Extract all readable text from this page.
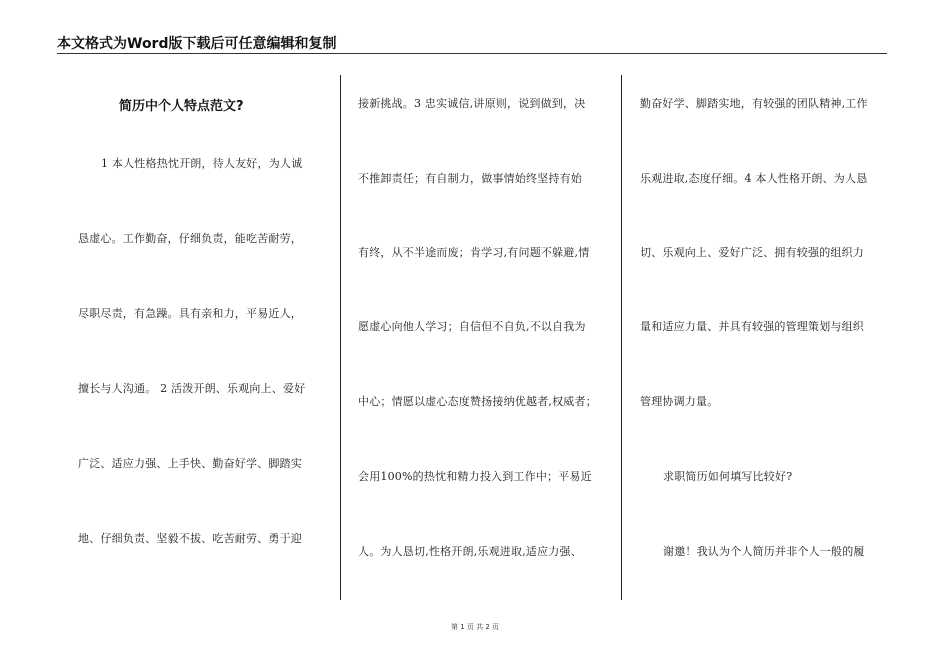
本文格式为Word版下载后可任意编辑和复制
简历中个人特点范文?
1 本人性格热忱开朗，待人友好，为人诚
恳虚心。工作勤奋，仔细负责，能吃苦耐劳，
尽职尽责，有急躁。具有亲和力，平易近人，
擅长与人沟通。 2 活泼开朗、乐观向上、爱好
广泛、适应力强、上手快、勤奋好学、脚踏实
地、仔细负责、坚毅不拔、吃苦耐劳、勇于迎
接新挑战。3 忠实诚信,讲原则，说到做到，决
不推卸责任；有自制力，做事情始终坚持有始
有终，从不半途而废；肯学习,有问题不躲避,情
愿虚心向他人学习；自信但不自负,不以自我为
中心；情愿以虚心态度赞扬接纳优越者,权威者；
会用100%的热忱和精力投入到工作中；平易近
人。为人恳切,性格开朗,乐观进取,适应力强、
勤奋好学、脚踏实地，有较强的团队精神,工作
乐观进取,态度仔细。4 本人性格开朗、为人恳
切、乐观向上、爱好广泛、拥有较强的组织力
量和适应力量、并具有较强的管理策划与组织
管理协调力量。
求职简历如何填写比较好?
谢邀！我认为个人简历并非个人一般的履
第 1 页 共 2 页
